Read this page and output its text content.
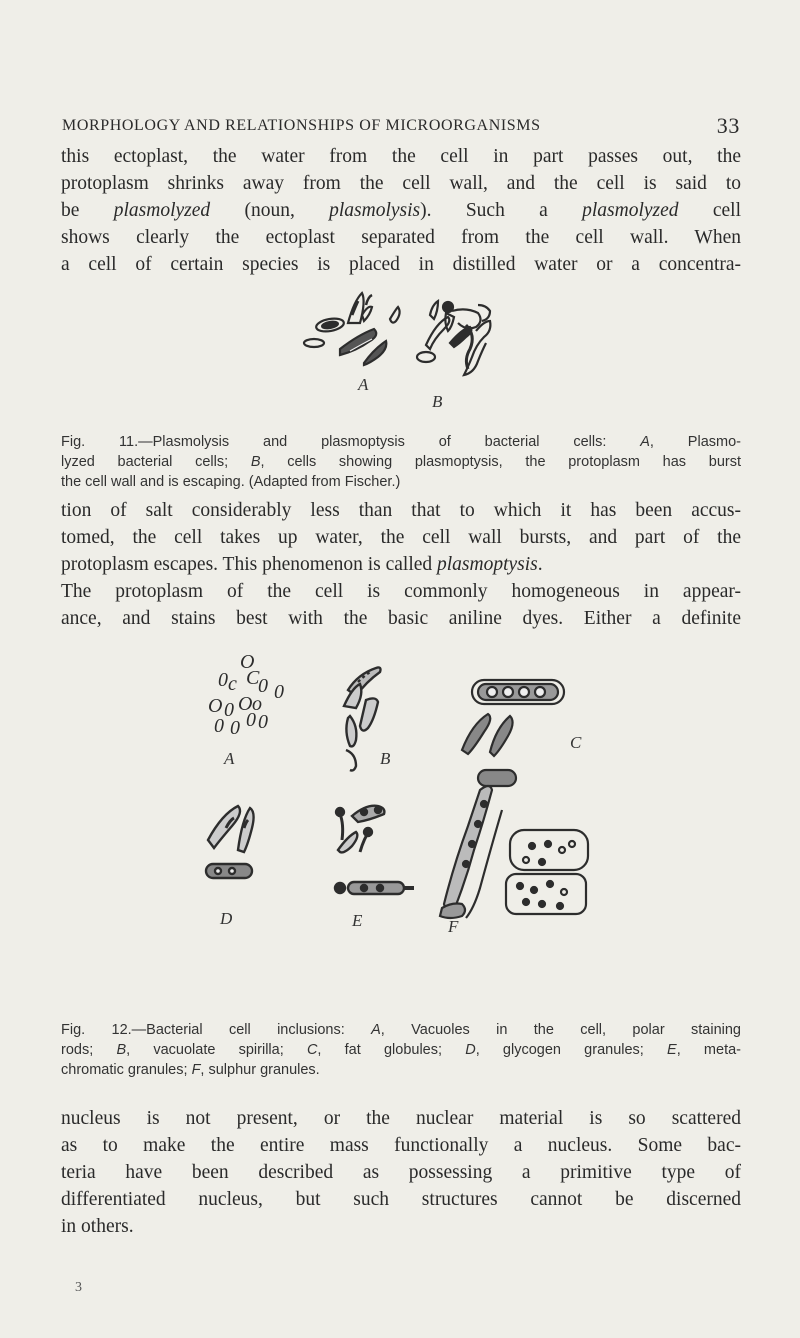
MORPHOLOGY AND RELATIONSHIPS OF MICROORGANISMS	33
this ectoplast, the water from the cell in part passes out, the
protoplasm shrinks away from the cell wall, and the cell is said to
be plasmolyzed (noun, plasmolysis). Such a plasmolyzed cell
shows clearly the ectoplast separated from the cell wall. When
a cell of certain species is placed in distilled water or a concentra-
A
B
Fig. 11.—Plasmolysis and plasmoptysis of bacterial cells: A, Plasmo-
lyzed bacterial cells; B, cells showing plasmoptysis, the protoplasm has burst
the cell wall and is escaping. (Adapted from Fischer.)
tion of salt considerably less than that to which it has been accus-
tomed, the cell takes up water, the cell wall bursts, and part of the
protoplasm escapes. This phenomenon is called plasmoptysis.
The protoplasm of the cell is commonly homogeneous in appear-
ance, and stains best with the basic aniline dyes. Either a definite
O
0 c C
0 0
O 0 O o
0 0 0 0
A	B
C
D	E	F
Fig. 12.—Bacterial cell inclusions: A, Vacuoles in the cell, polar staining
rods; B, vacuolate spirilla; C, fat globules; D, glycogen granules; E, meta-
chromatic granules; F, sulphur granules.
nucleus is not present, or the nuclear material is so scattered
as to make the entire mass functionally a nucleus. Some bac-
teria have been described as possessing a primitive type of
differentiated nucleus, but such structures cannot be discerned
in others.
3
